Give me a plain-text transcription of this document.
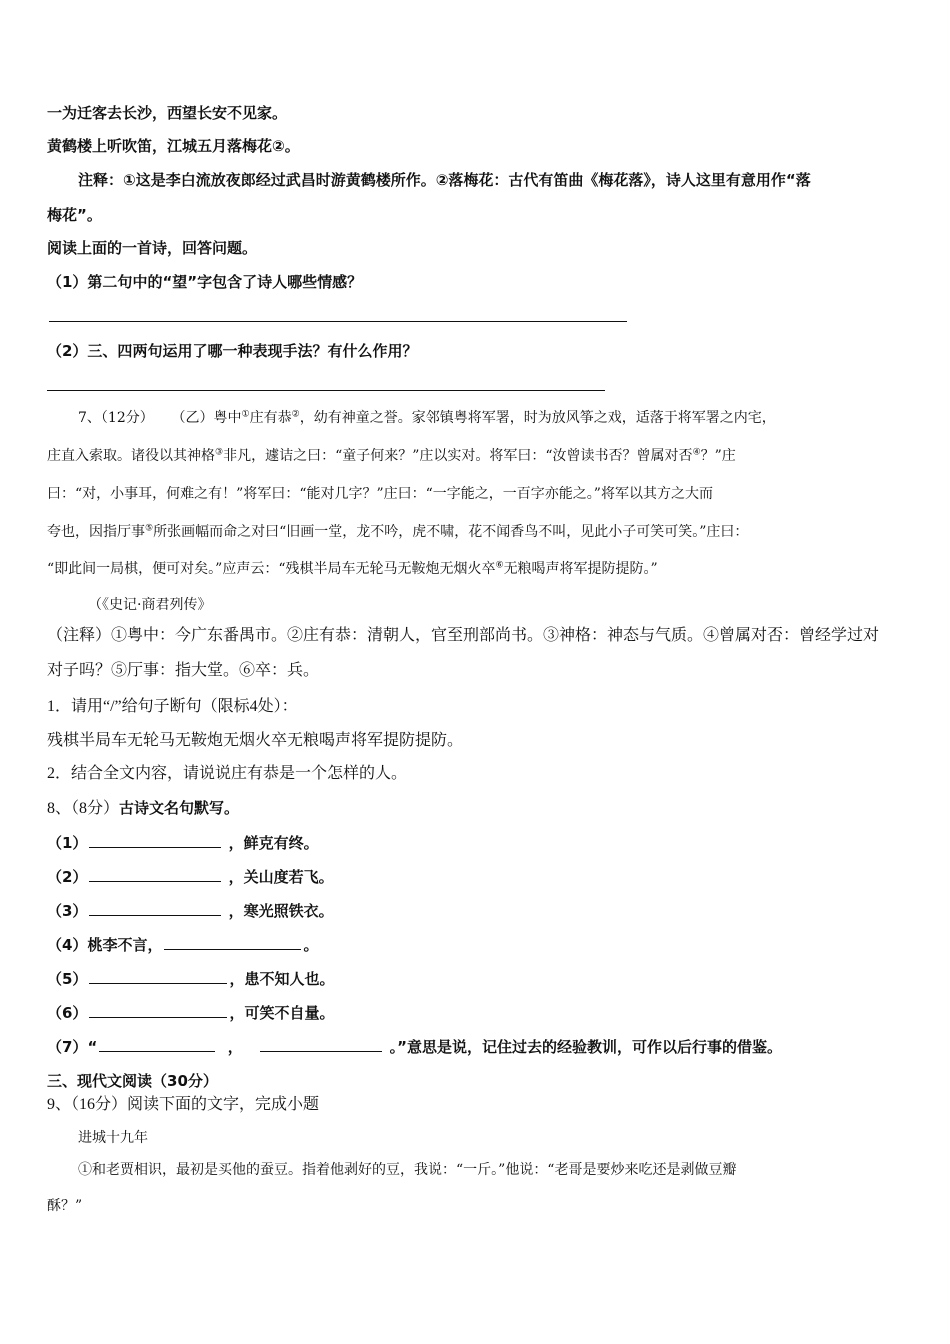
一为迁客去长沙，西望长安不见家。
黄鹤楼上听吹笛，江城五月落梅花②。
注释：①这是李白流放夜郎经过武昌时游黄鹤楼所作。②落梅花：古代有笛曲《梅花落》，诗人这里有意用作“落
梅花”。
阅读上面的一首诗，回答问题。
（1）第二句中的“望”字包含了诗人哪些情感？
（2）三、四两句运用了哪一种表现手法？有什么作用？
7、（12分） （乙）粤中①庄有恭②，幼有神童之誉。家邻镇粤将军署，时为放风筝之戏，适落于将军署之内宅，
庄直入索取。诸役以其神格③非凡，遽诘之曰：“童子何来？”庄以实对。将军曰：“汝曾读书否？曾属对否④？”庄
曰：“对，小事耳，何难之有！”将军曰：“能对几字？”庄曰：“一字能之，一百字亦能之。”将军以其方之大而
夸也，因指厅事⑤所张画幅而命之对曰“旧画一堂，龙不吟，虎不啸，花不闻香鸟不叫，见此小子可笑可笑。”庄曰：
“即此间一局棋，便可对矣。”应声云：“残棋半局车无轮马无鞍炮无烟火卒⑥无粮喝声将军提防提防。”
（《史记·商君列传》
（注释）①粤中：今广东番禺市。②庄有恭：清朝人，官至刑部尚书。③神格：神态与气质。④曾属对否：曾经学过对
对子吗？⑤厅事：指大堂。⑥卒：兵。
1．请用“/”给句子断句（限标4处）：
残棋半局车无轮马无鞍炮无烟火卒无粮喝声将军提防提防。
2．结合全文内容，请说说庄有恭是一个怎样的人。
8、（8分）古诗文名句默写。
（1）	，鲜克有终。
（2）	，关山度若飞。
（3）	，寒光照铁衣。
（4）桃李不言，	。
（5）	，患不知人也。
（6）	，可笑不自量。
（7）“	，	。”意思是说，记住过去的经验教训，可作以后行事的借鉴。
三、现代文阅读（30分）
9、（16分）阅读下面的文字，完成小题
进城十九年
①和老贾相识，最初是买他的蚕豆。指着他剥好的豆，我说：“一斤。”他说：“老哥是要炒来吃还是剥做豆瓣
酥？”
